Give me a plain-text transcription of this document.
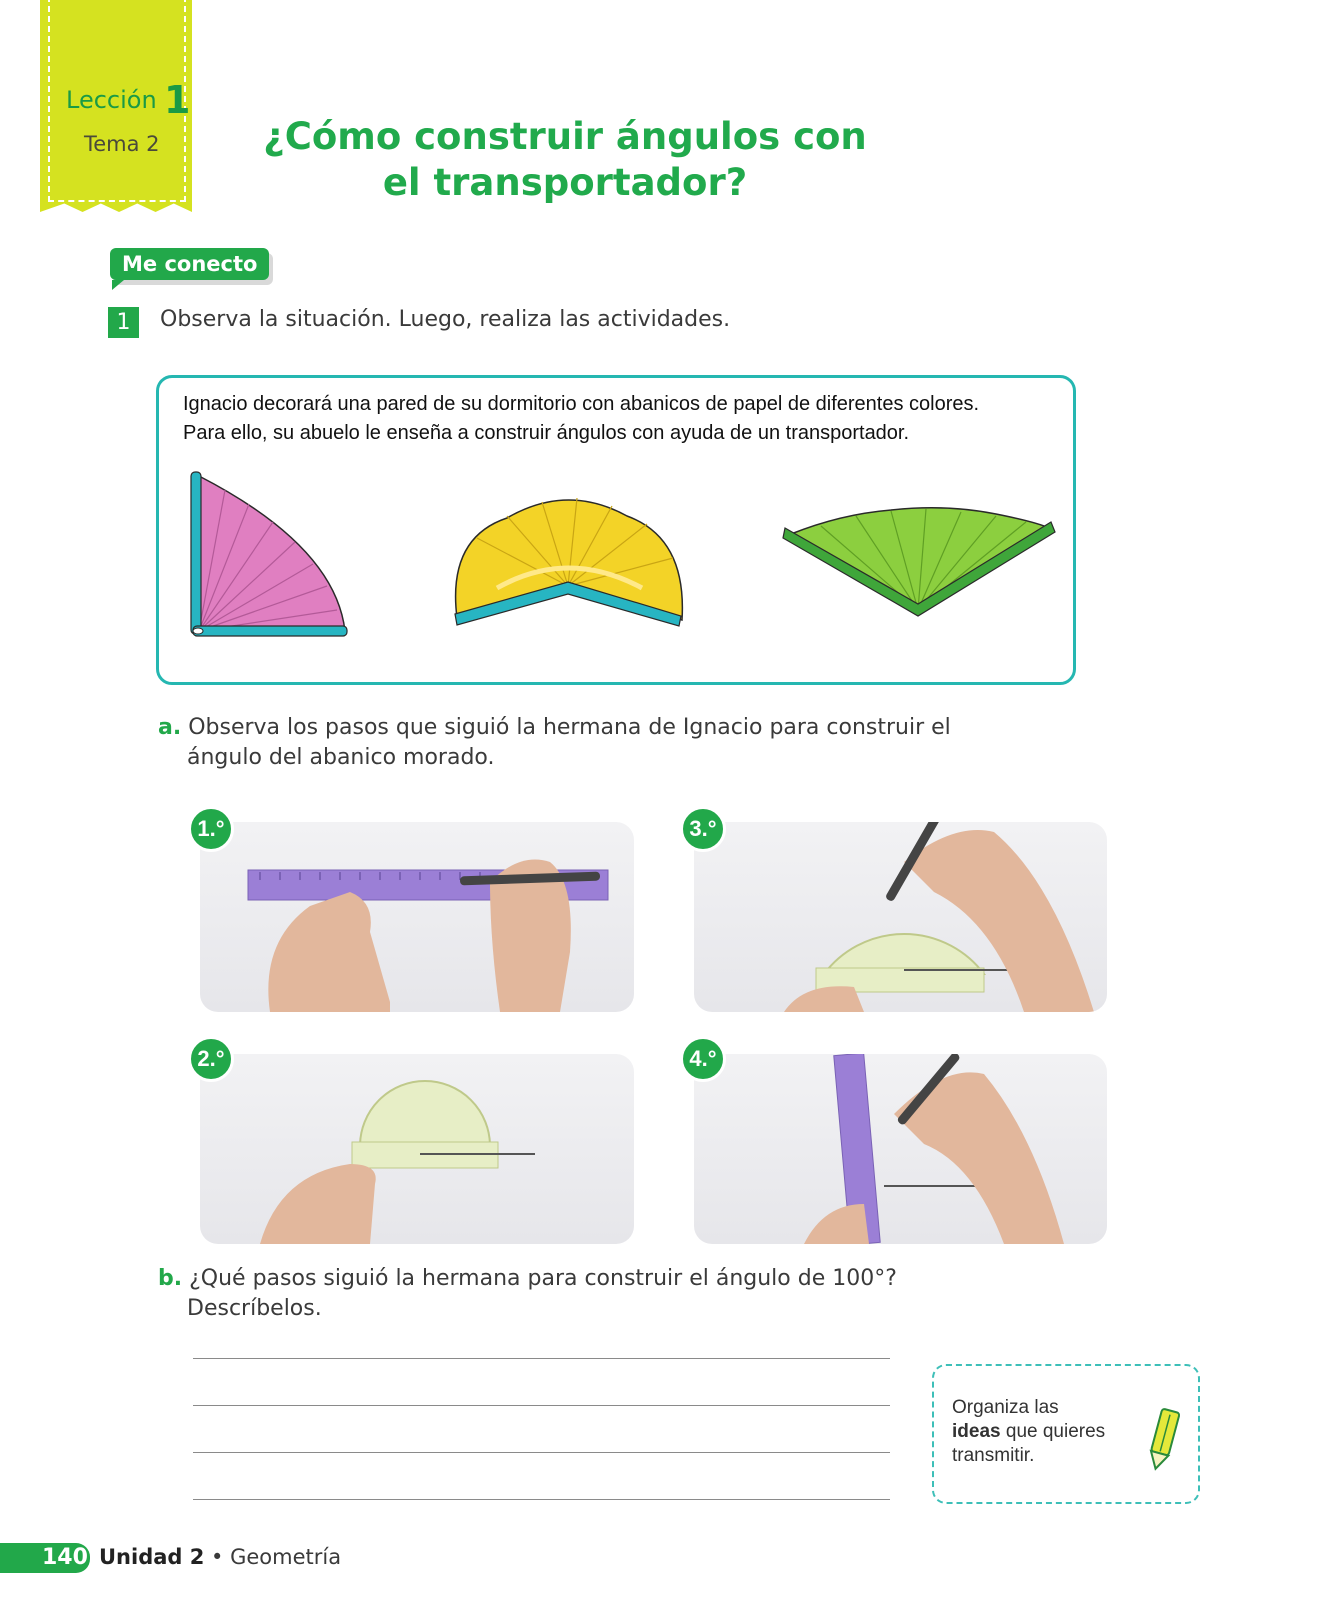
Lección 1
Tema 2	¿Cómo construir ángulos con
el transportador?
Me conecto
1	Observa la situación. Luego, realiza las actividades.
Ignacio decorará una pared de su dormitorio con abanicos de papel de diferentes colores.
Para ello, su abuelo le enseña a construir ángulos con ayuda de un transportador.
a. Observa los pasos que siguió la hermana de Ignacio para construir el
ángulo del abanico morado.
1.°	3.°
2.°	4.°
b. ¿Qué pasos siguió la hermana para construir el ángulo de 100°?
Descríbelos.
Organiza las
ideas que quieres
transmitir.
140 Unidad 2 • Geometría
